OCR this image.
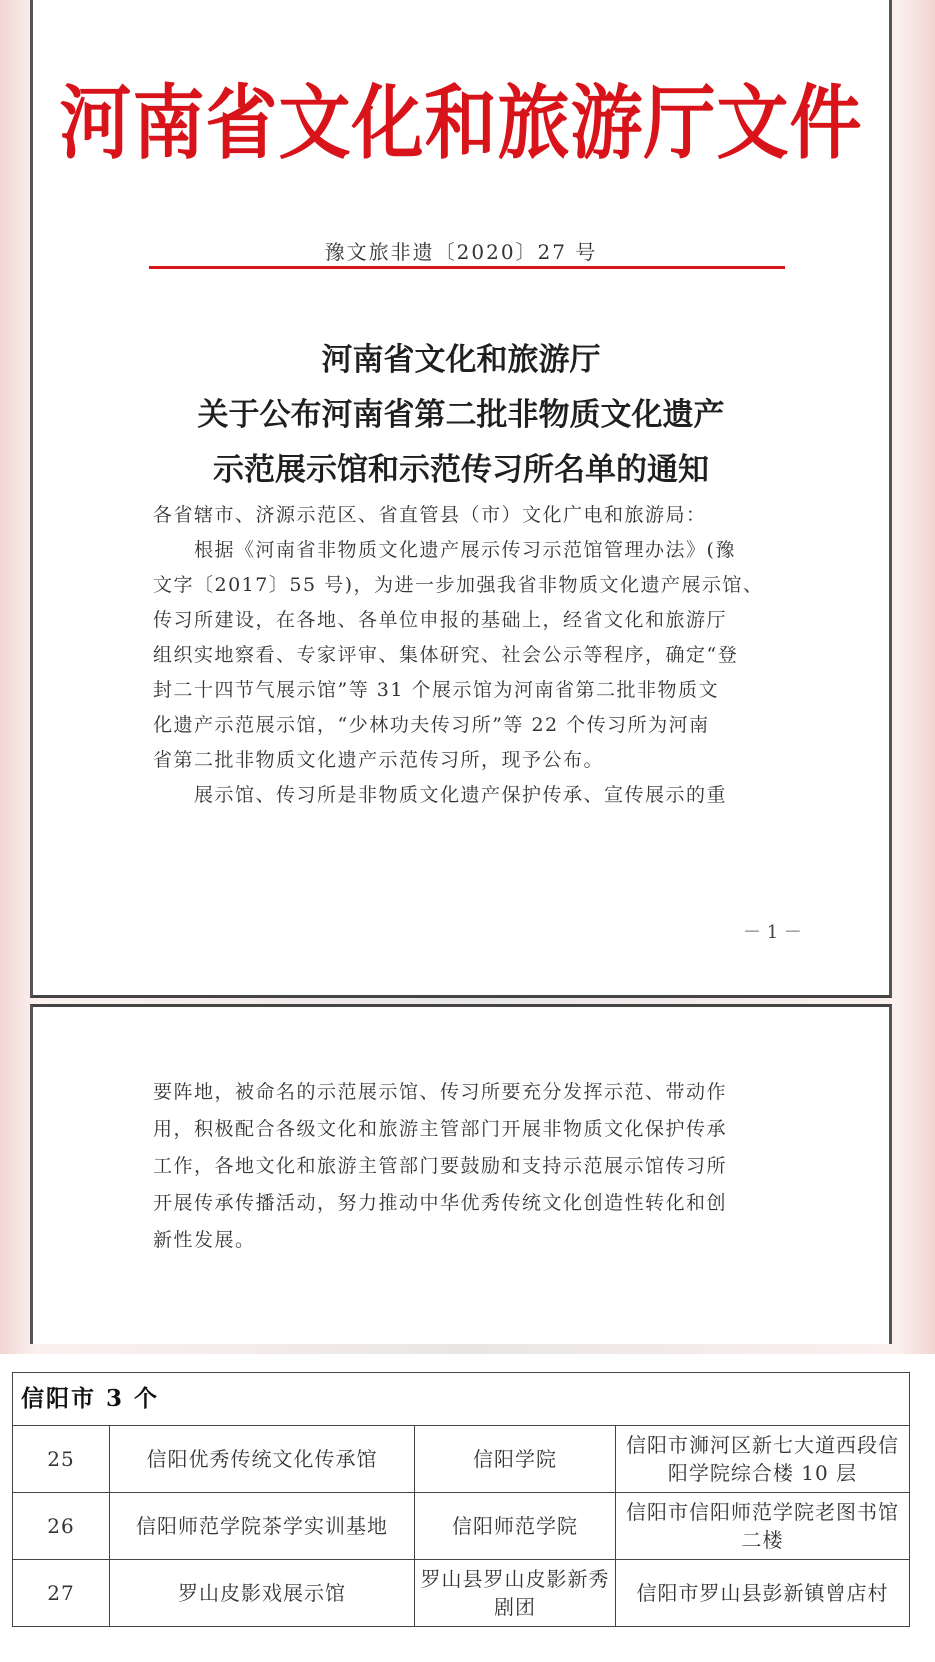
河南省文化和旅游厅文件
豫文旅非遗〔2020〕27 号
河南省文化和旅游厅
关于公布河南省第二批非物质文化遗产
示范展示馆和示范传习所名单的通知
各省辖市、济源示范区、省直管县（市）文化广电和旅游局：
　　根据《河南省非物质文化遗产展示传习示范馆管理办法》(豫
文字〔2017〕55 号)，为进一步加强我省非物质文化遗产展示馆、
传习所建设，在各地、各单位申报的基础上，经省文化和旅游厅
组织实地察看、专家评审、集体研究、社会公示等程序，确定“登
封二十四节气展示馆”等 31 个展示馆为河南省第二批非物质文
化遗产示范展示馆，“少林功夫传习所”等 22 个传习所为河南
省第二批非物质文化遗产示范传习所，现予公布。
　　展示馆、传习所是非物质文化遗产保护传承、宣传展示的重
－ 1 －
要阵地，被命名的示范展示馆、传习所要充分发挥示范、带动作
用，积极配合各级文化和旅游主管部门开展非物质文化保护传承
工作，各地文化和旅游主管部门要鼓励和支持示范展示馆传习所
开展传承传播活动，努力推动中华优秀传统文化创造性转化和创
新性发展。
信阳市 3 个			
25	信阳优秀传统文化传承馆	信阳学院	信阳市浉河区新七大道西段信
阳学院综合楼 10 层
26	信阳师范学院茶学实训基地	信阳师范学院	信阳市信阳师范学院老图书馆
二楼
27	罗山皮影戏展示馆	罗山县罗山皮影新秀
剧团	信阳市罗山县彭新镇曾店村
